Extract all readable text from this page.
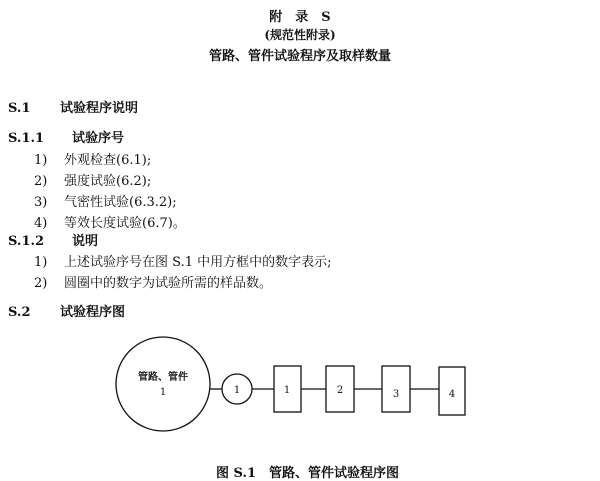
附　录　S
(规范性附录)
管路、管件试验程序及取样数量
S.1 试验程序说明
S.1.1 试验序号
1) 外观检查(6.1);
2) 强度试验(6.2);
3) 气密性试验(6.3.2);
4) 等效长度试验(6.7)。
S.1.2 说明
1) 上述试验序号在图 S.1 中用方框中的数字表示;
2) 圆圈中的数字为试验所需的样品数。
S.2 试验程序图
管路、管件
1	1	1	2	3	4
图 S.1　 管路、管件试验程序图
